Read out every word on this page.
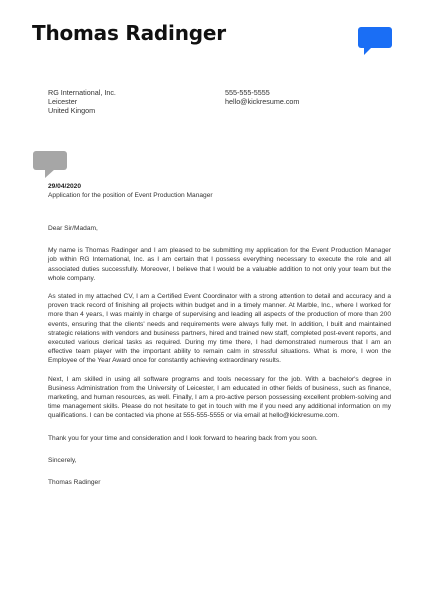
Thomas Radinger
RG International, Inc.
Leicester
United Kingom
555-555-5555
hello@kickresume.com
29/04/2020
Application for the position of Event Production Manager

Dear Sir/Madam,

My name is Thomas Radinger and I am pleased to be submitting my application for the Event Production Manager job within RG International, Inc. as I am certain that I possess everything necessary to execute the role and all associated duties successfully. Moreover, I believe that I would be a valuable addition to not only your team but the whole company.

As stated in my attached CV, I am a Certified Event Coordinator with a strong attention to detail and accuracy and a proven track record of finishing all projects within budget and in a timely manner. At Marble, Inc., where I worked for more than 4 years, I was mainly in charge of supervising and leading all aspects of the production of more than 200 events, ensuring that the clients' needs and requirements were always fully met. In addition, I built and maintained strategic relations with vendors and business partners, hired and trained new staff, completed post-event reports, and executed various clerical tasks as required. During my time there, I had demonstrated numerous that I am an effective team player with the important ability to remain calm in stressful situations. What is more, I won the Employee of the Year Award once for constantly achieving extraordinary results.

Next, I am skilled in using all software programs and tools necessary for the job. With a bachelor's degree in Business Administration from the University of Leicester, I am educated in other fields of business, such as finance, marketing, and human resources, as well. Finally, I am a pro-active person possessing excellent problem-solving and time management skills. Please do not hesitate to get in touch with me if you need any additional information on my qualifications. I can be contacted via phone at 555-555-5555 or via email at hello@kickresume.com.

Thank you for your time and consideration and I look forward to hearing back from you soon.

Sincerely,

Thomas Radinger
